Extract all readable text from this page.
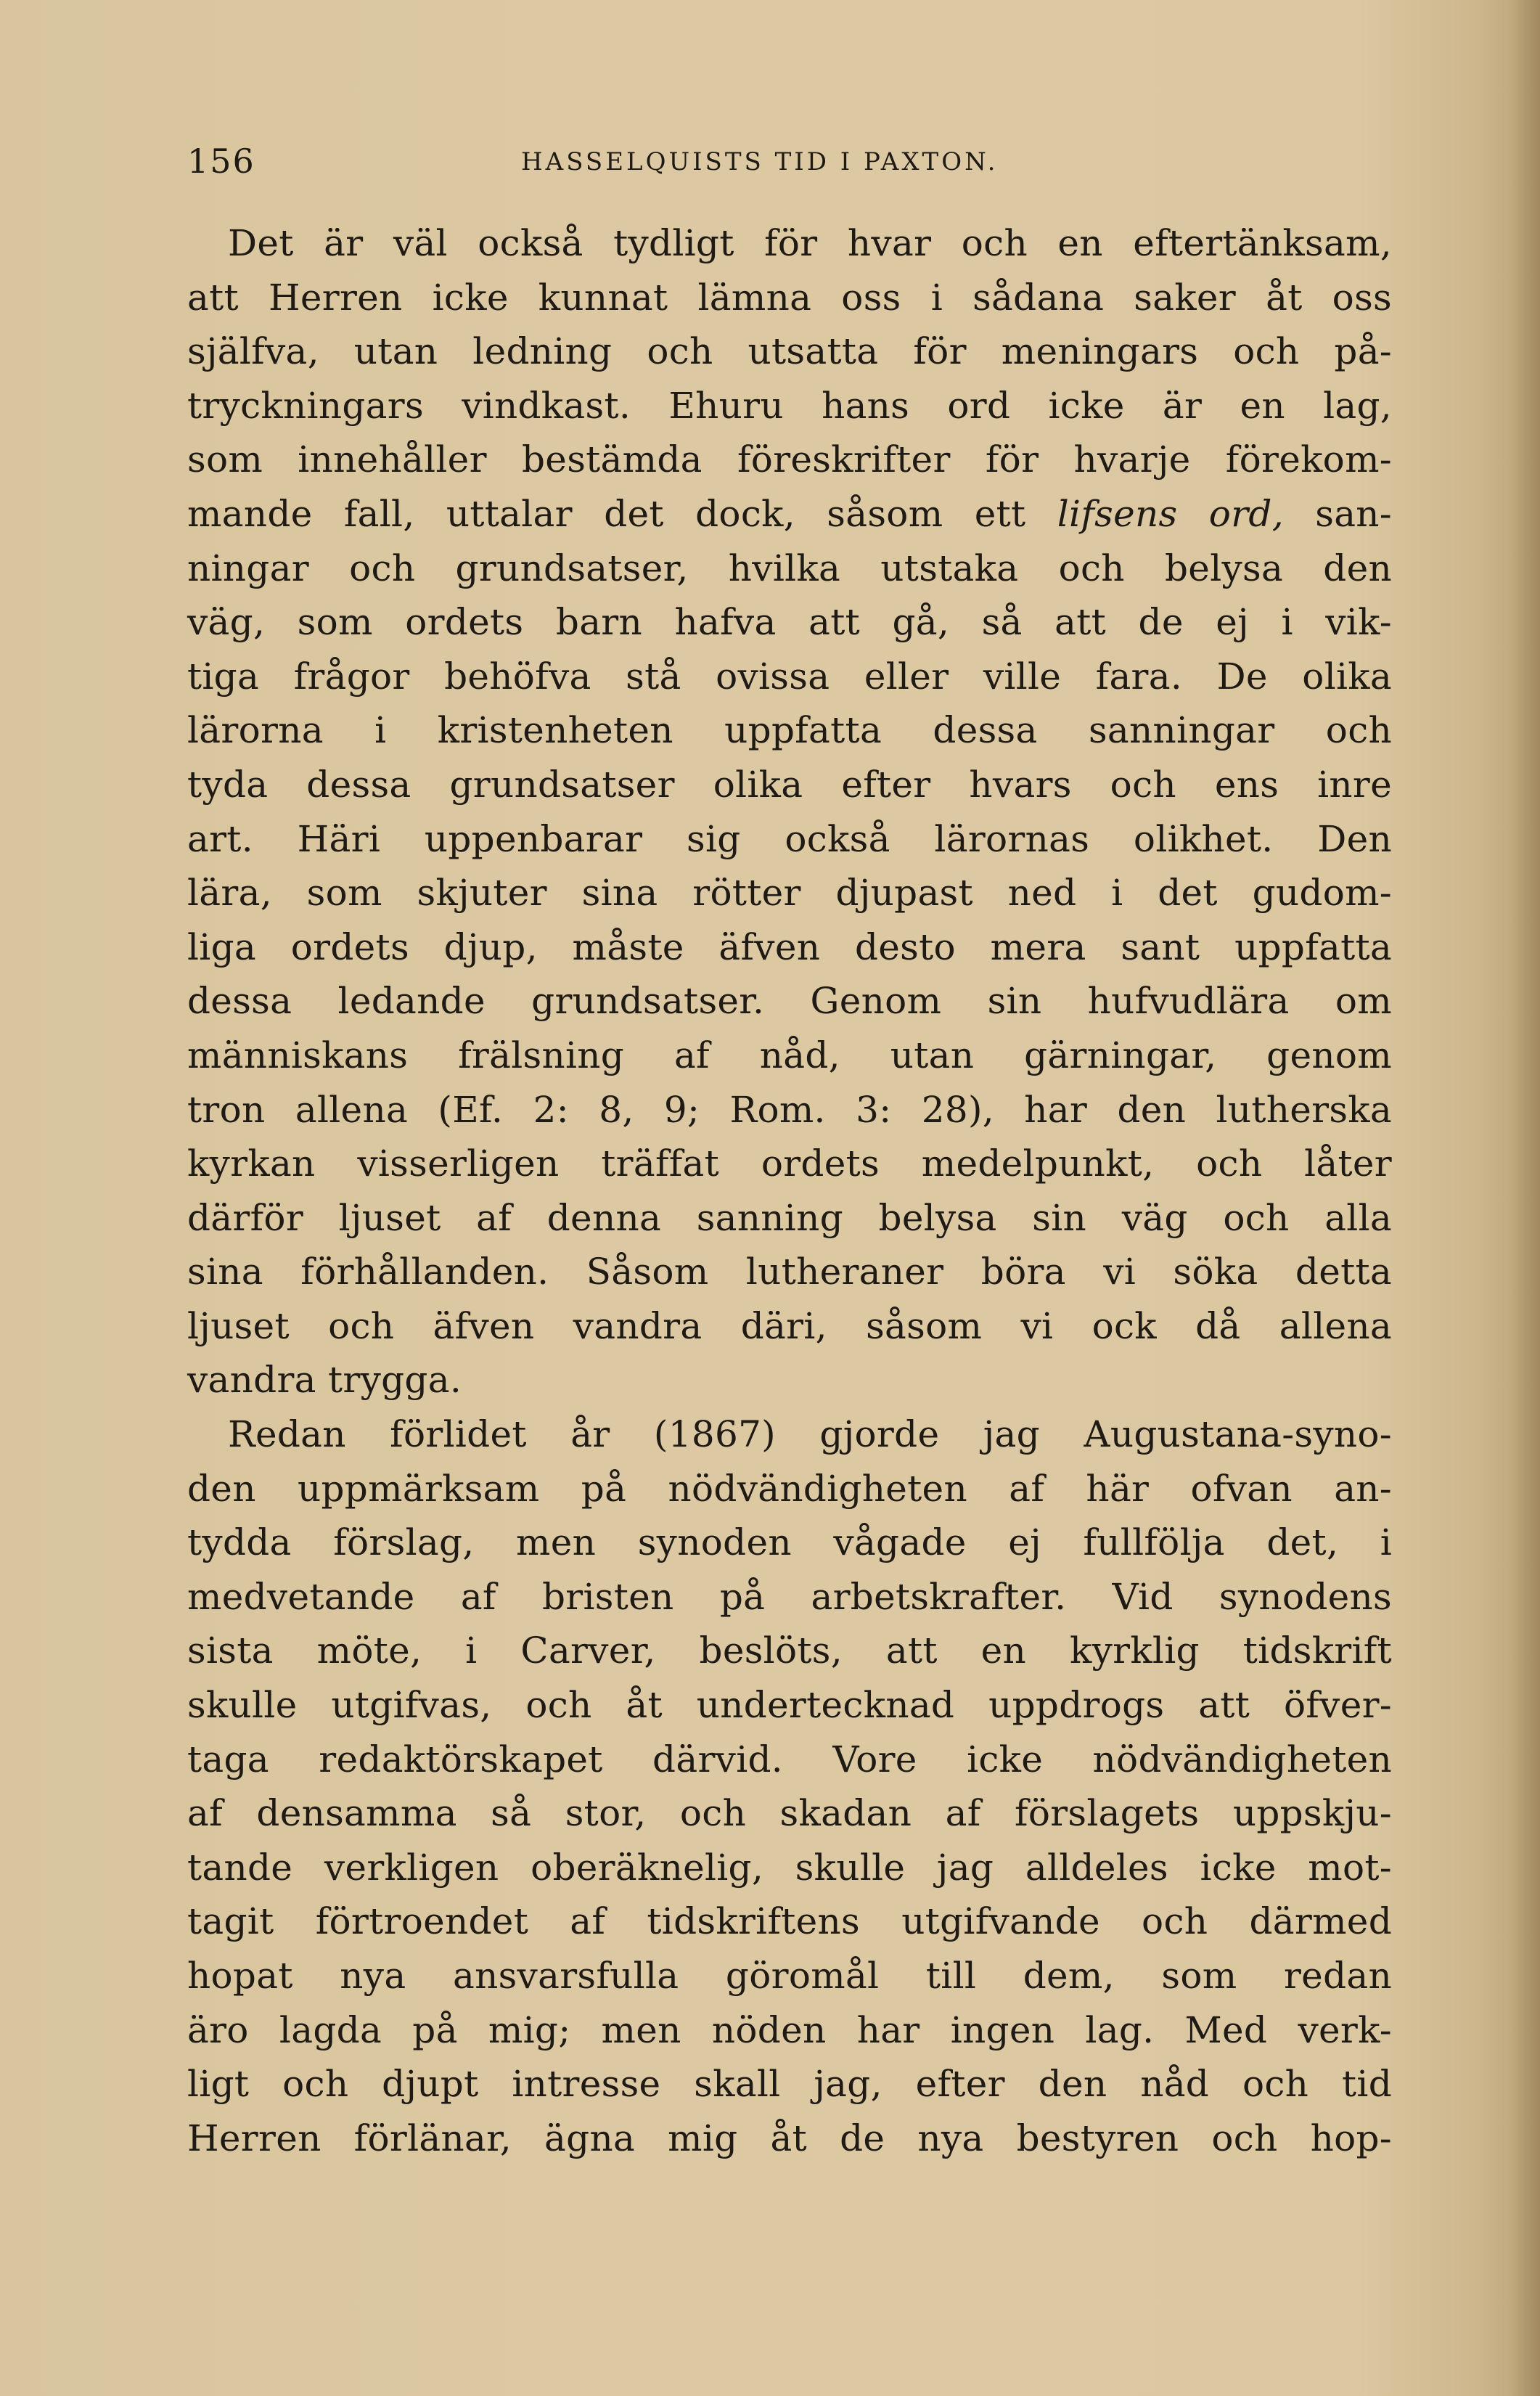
156	HASSELQUISTS TID I PAXTON.
Det är väl också tydligt för hvar och en eftertänksam,
att Herren icke kunnat lämna oss i sådana saker åt oss
själfva, utan ledning och utsatta för meningars och på-
tryckningars vindkast. Ehuru hans ord icke är en lag,
som innehåller bestämda föreskrifter för hvarje förekom-
mande fall, uttalar det dock, såsom ett lifsens ord, san-
ningar och grundsatser, hvilka utstaka och belysa den
väg, som ordets barn hafva att gå, så att de ej i vik-
tiga frågor behöfva stå ovissa eller ville fara. De olika
lärorna i kristenheten uppfatta dessa sanningar och
tyda dessa grundsatser olika efter hvars och ens inre
art. Häri uppenbarar sig också lärornas olikhet. Den
lära, som skjuter sina rötter djupast ned i det gudom-
liga ordets djup, måste äfven desto mera sant uppfatta
dessa ledande grundsatser. Genom sin hufvudlära om
människans frälsning af nåd, utan gärningar, genom
tron allena (Ef. 2: 8, 9; Rom. 3: 28), har den lutherska
kyrkan visserligen träffat ordets medelpunkt, och låter
därför ljuset af denna sanning belysa sin väg och alla
sina förhållanden. Såsom lutheraner böra vi söka detta
ljuset och äfven vandra däri, såsom vi ock då allena
vandra trygga.
Redan förlidet år (1867) gjorde jag Augustana-syno-
den uppmärksam på nödvändigheten af här ofvan an-
tydda förslag, men synoden vågade ej fullfölja det, i
medvetande af bristen på arbetskrafter. Vid synodens
sista möte, i Carver, beslöts, att en kyrklig tidskrift
skulle utgifvas, och åt undertecknad uppdrogs att öfver-
taga redaktörskapet därvid. Vore icke nödvändigheten
af densamma så stor, och skadan af förslagets uppskju-
tande verkligen oberäknelig, skulle jag alldeles icke mot-
tagit förtroendet af tidskriftens utgifvande och därmed
hopat nya ansvarsfulla göromål till dem, som redan
äro lagda på mig; men nöden har ingen lag. Med verk-
ligt och djupt intresse skall jag, efter den nåd och tid
Herren förlänar, ägna mig åt de nya bestyren och hop-
